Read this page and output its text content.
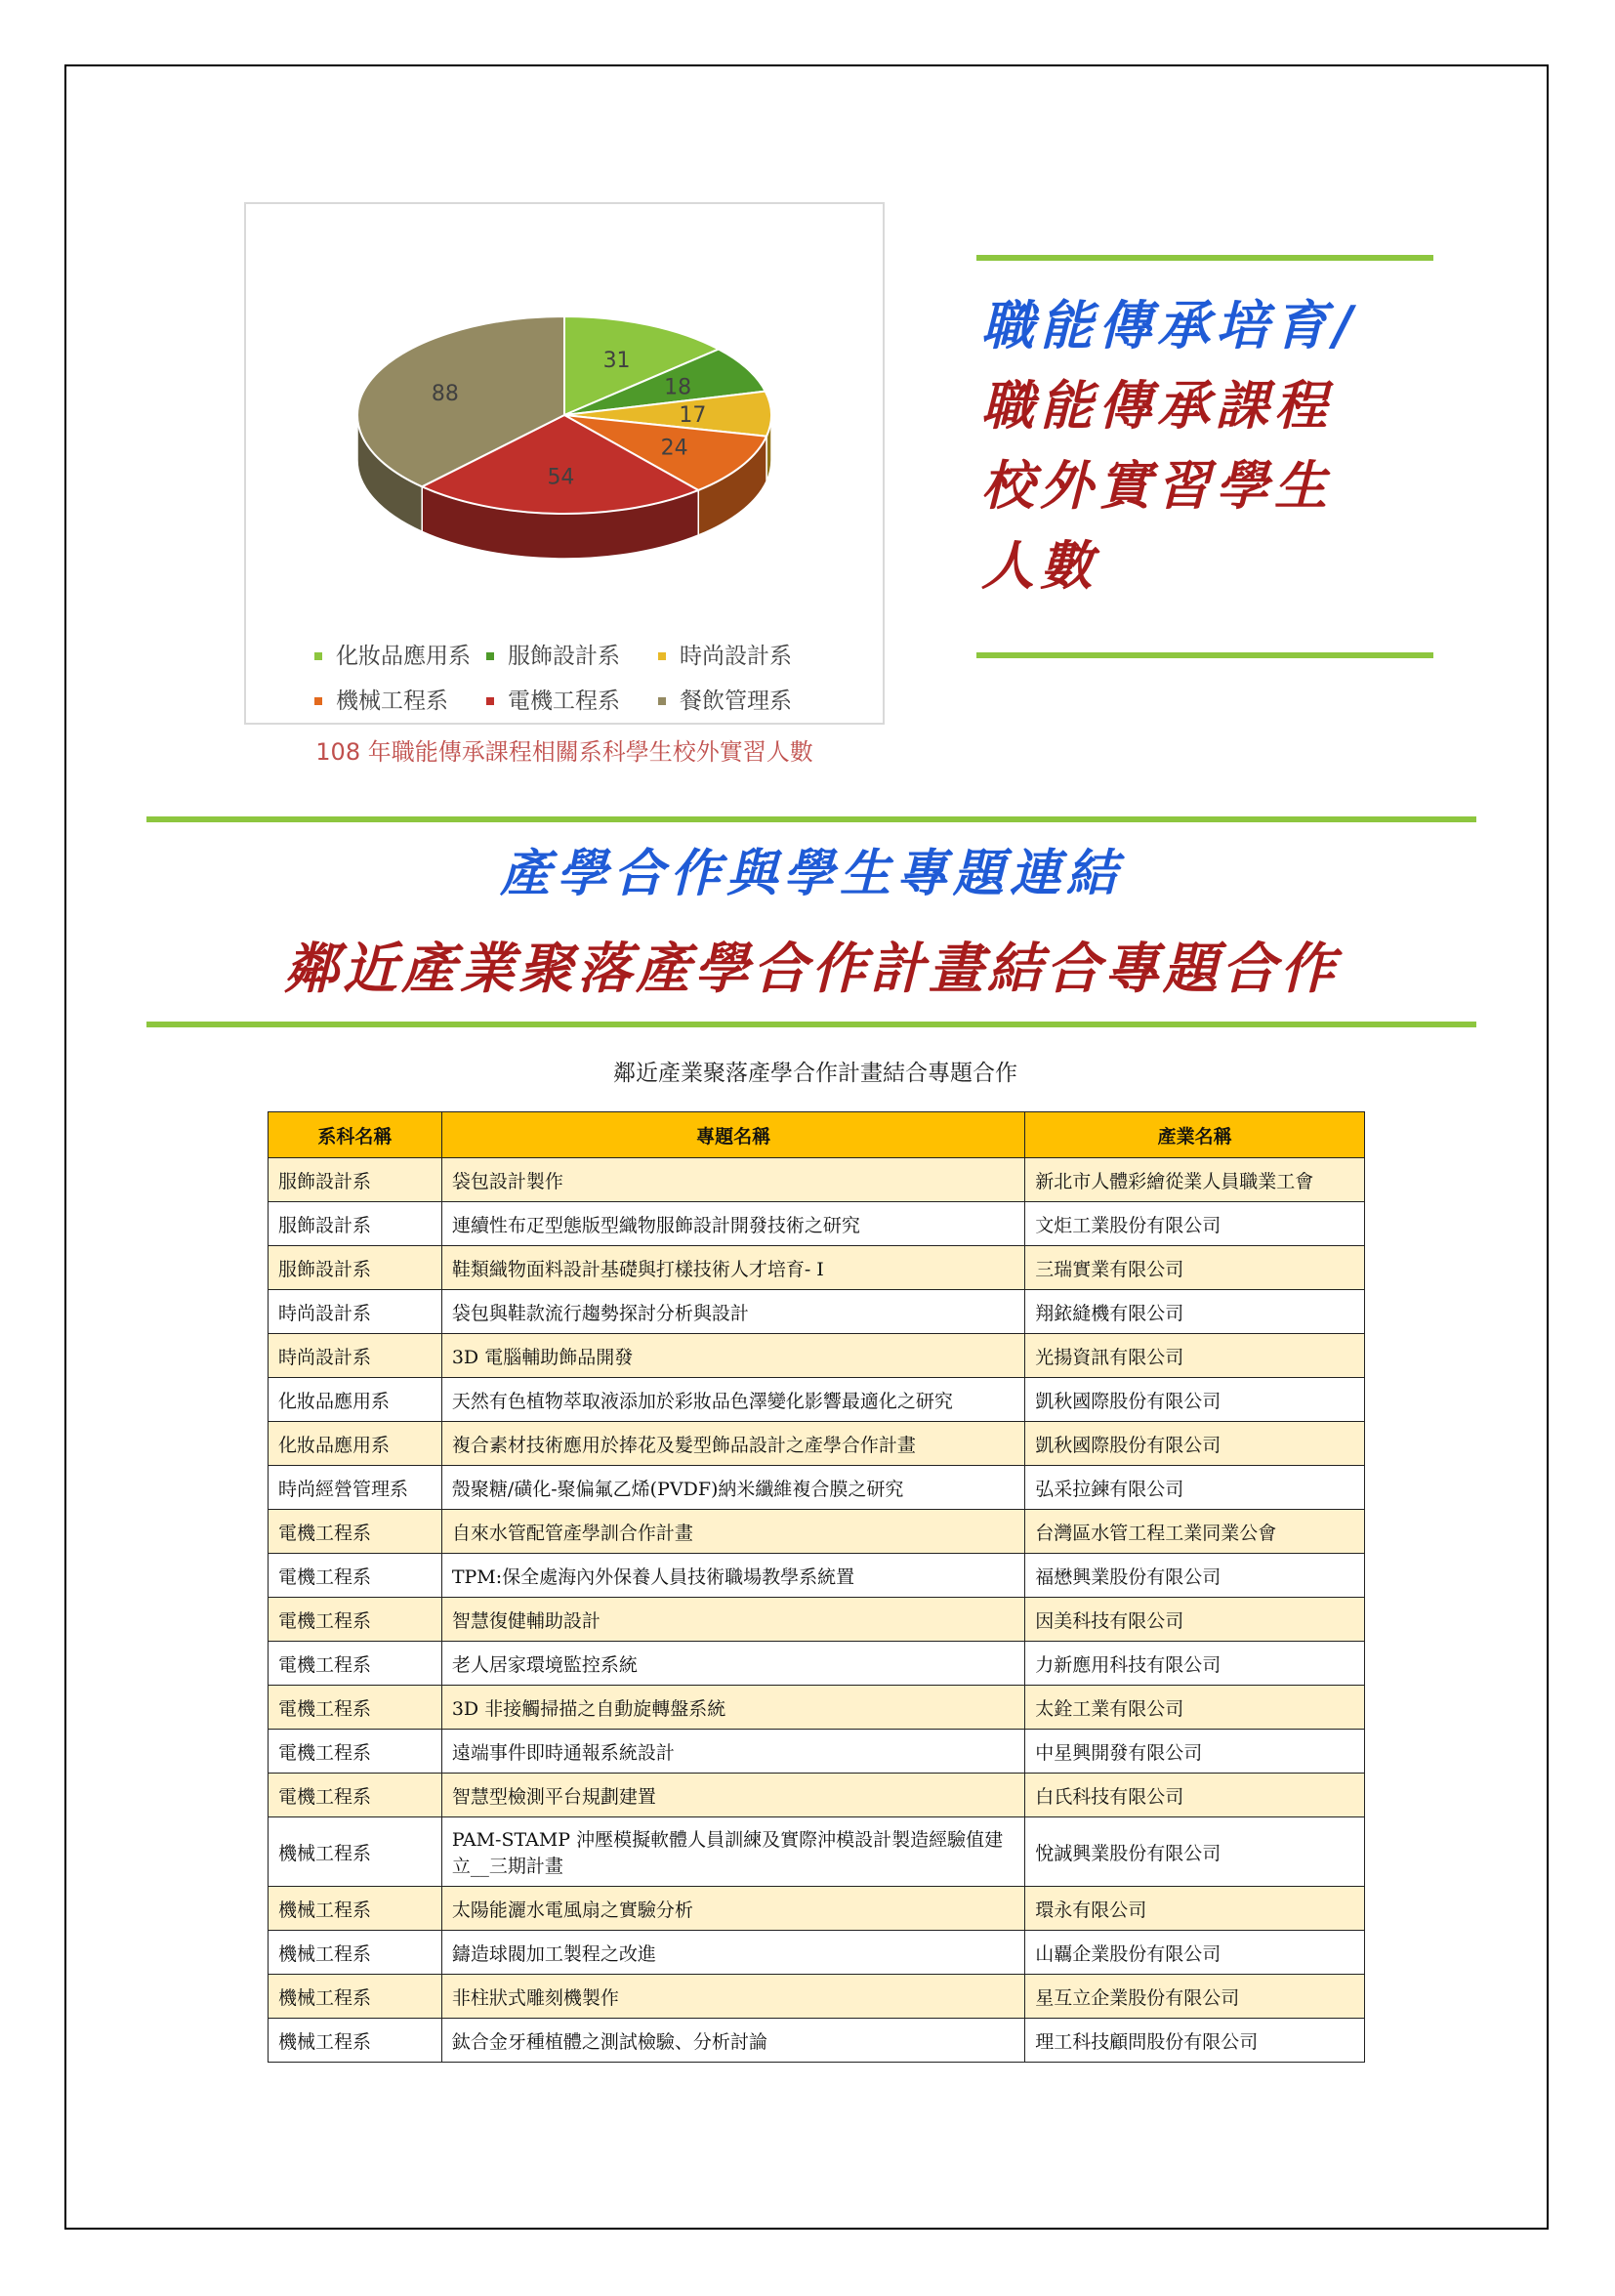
31
18
17
24
54
88
化妝品應用系 服飾設計系	時尚設計系
機械工程系	電機工程系	餐飲管理系
108 年職能傳承課程相關系科學生校外實習人數
職能傳承培育/
職能傳承課程
校外實習學生
人數
產學合作與學生專題連結
鄰近產業聚落產學合作計畫結合專題合作
鄰近產業聚落產學合作計畫結合專題合作
系科名稱	專題名稱	產業名稱
服飾設計系	袋包設計製作	新北市人體彩繪從業人員職業工會
服飾設計系	連續性布疋型態版型織物服飾設計開發技術之研究	文炬工業股份有限公司
服飾設計系	鞋類織物面料設計基礎與打樣技術人才培育- I	三瑞實業有限公司
時尚設計系	袋包與鞋款流行趨勢探討分析與設計	翔銥縫機有限公司
時尚設計系	3D 電腦輔助飾品開發	光揚資訊有限公司
化妝品應用系	天然有色植物萃取液添加於彩妝品色澤變化影響最適化之研究	凱秋國際股份有限公司
化妝品應用系	複合素材技術應用於捧花及髮型飾品設計之產學合作計畫	凱秋國際股份有限公司
時尚經營管理系	殼聚糖/磺化-聚偏氟乙烯(PVDF)納米纖維複合膜之研究	弘采拉鍊有限公司
電機工程系	自來水管配管產學訓合作計畫	台灣區水管工程工業同業公會
電機工程系	TPM:保全處海內外保養人員技術職場教學系統置	福懋興業股份有限公司
電機工程系	智慧復健輔助設計	因美科技有限公司
電機工程系	老人居家環境監控系統	力新應用科技有限公司
電機工程系	3D 非接觸掃描之自動旋轉盤系統	太銓工業有限公司
電機工程系	遠端事件即時通報系統設計	中星興開發有限公司
電機工程系	智慧型檢測平台規劃建置	白氏科技有限公司
機械工程系	PAM-STAMP 沖壓模擬軟體人員訓練及實際沖模設計製造經驗值建立__三期計畫	悅誠興業股份有限公司
機械工程系	太陽能灑水電風扇之實驗分析	環永有限公司
機械工程系	鑄造球閥加工製程之改進	山覊企業股份有限公司
機械工程系	非柱狀式雕刻機製作	星互立企業股份有限公司
機械工程系	鈦合金牙種植體之測試檢驗、分析討論	理工科技顧問股份有限公司
